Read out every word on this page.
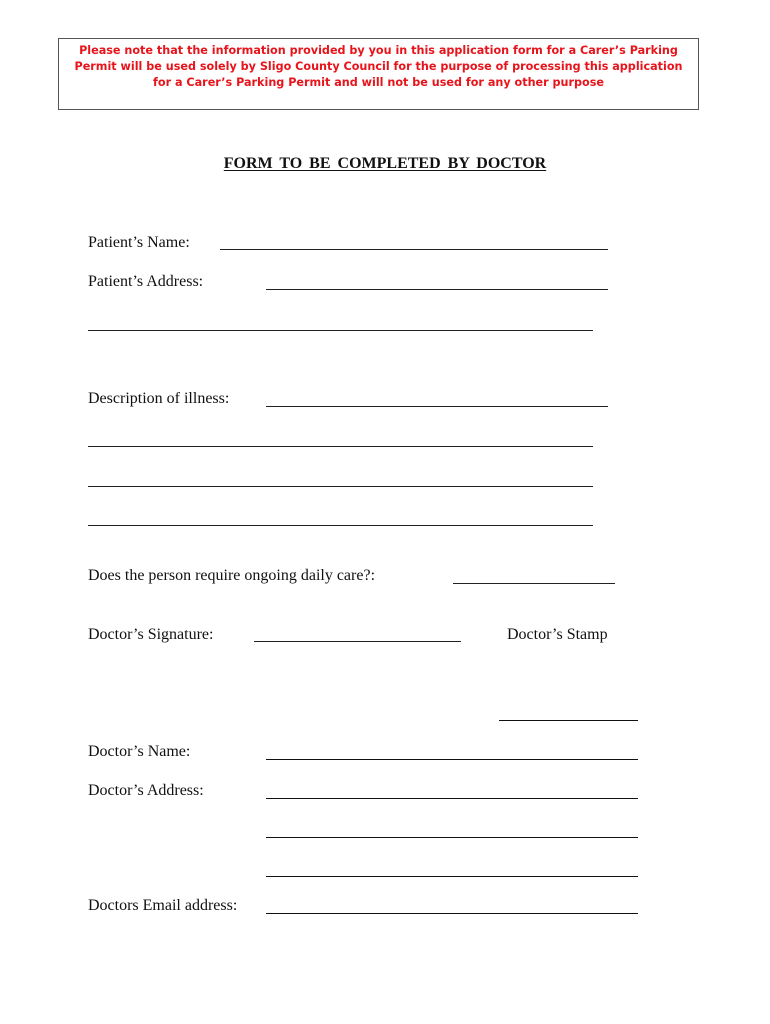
Please note that the information provided by you in this application form for a Carer’s Parking
Permit will be used solely by Sligo County Council for the purpose of processing this application
for a Carer’s Parking Permit and will not be used for any other purpose
FORM TO BE COMPLETED BY DOCTOR
Patient’s Name:
Patient’s Address:
Description of illness:
Does the person require ongoing daily care?:
Doctor’s Signature:	Doctor’s Stamp
Doctor’s Name:
Doctor’s Address:
Doctors Email address:
